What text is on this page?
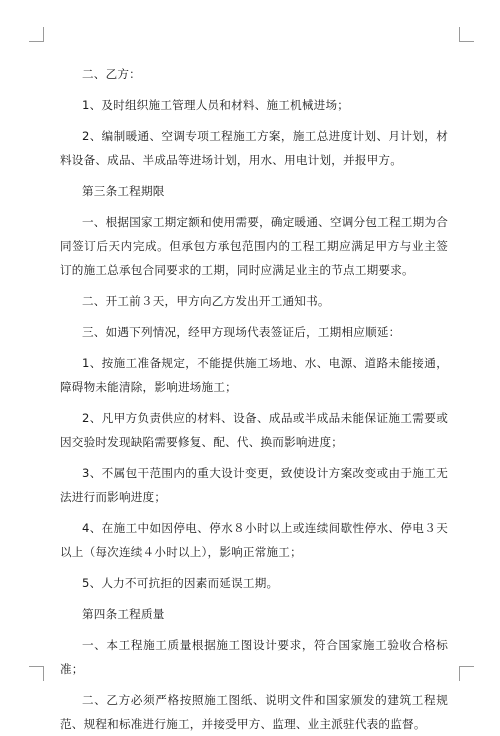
二、乙方：

1、及时组织施工管理人员和材料、施工机械进场；

2、编制暖通、空调专项工程施工方案，施工总进度计划、月计划，材料设备、成品、半成品等进场计划，用水、用电计划，并报甲方。

第三条工程期限

一、根据国家工期定额和使用需要，确定暖通、空调分包工程工期为合同签订后天内完成。但承包方承包范围内的工程工期应满足甲方与业主签订的施工总承包合同要求的工期，同时应满足业主的节点工期要求。

二、开工前３天，甲方向乙方发出开工通知书。

三、如遇下列情况，经甲方现场代表签证后，工期相应顺延：

1、按施工准备规定，不能提供施工场地、水、电源、道路未能接通，障碍物未能清除，影响进场施工；

2、凡甲方负责供应的材料、设备、成品或半成品未能保证施工需要或因交验时发现缺陷需要修复、配、代、换而影响进度；

3、不属包干范围内的重大设计变更，致使设计方案改变或由于施工无法进行而影响进度；

4、在施工中如因停电、停水８小时以上或连续间歇性停水、停电３天以上（每次连续４小时以上），影响正常施工；

5、人力不可抗拒的因素而延误工期。

第四条工程质量

一、本工程施工质量根据施工图设计要求，符合国家施工验收合格标准；

二、乙方必须严格按照施工图纸、说明文件和国家颁发的建筑工程规范、规程和标准进行施工，并接受甲方、监理、业主派驻代表的监督。
